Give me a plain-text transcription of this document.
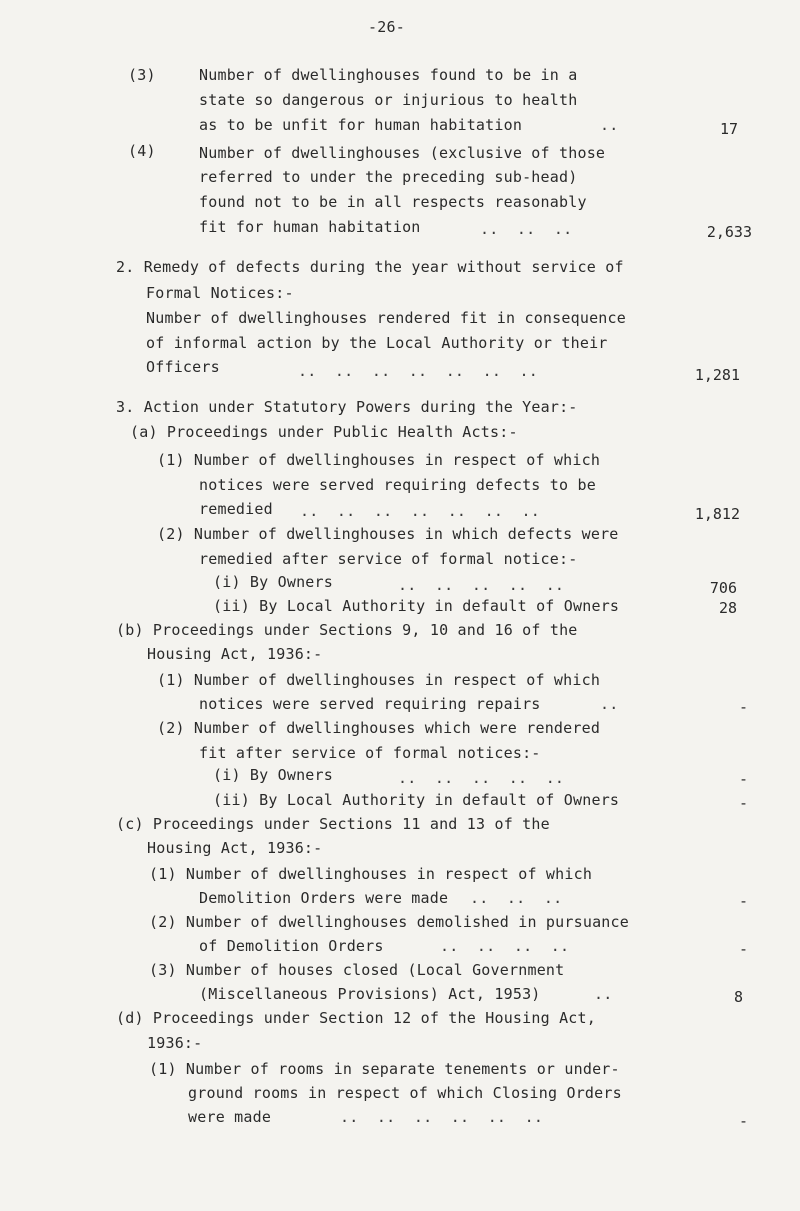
-26-
(3)	Number of dwellinghouses found to be in a
state so dangerous or injurious to health
as to be unfit for human habitation	..	17
(4)	Number of dwellinghouses (exclusive of those
referred to under the preceding sub-head)
found not to be in all respects reasonably
fit for human habitation	..  ..  ..	2,633
2. Remedy of defects during the year without service of
Formal Notices:-
Number of dwellinghouses rendered fit in consequence
of informal action by the Local Authority or their
Officers	..  ..  ..  ..  ..  ..  ..	1,281
3. Action under Statutory Powers during the Year:-
(a) Proceedings under Public Health Acts:-
(1) Number of dwellinghouses in respect of which
notices were served requiring defects to be
remedied ..  ..  ..  ..  ..  ..  ..	1,812
(2) Number of dwellinghouses in which defects were
remedied after service of formal notice:-
(i) By Owners	..  ..  ..  ..  ..	706
(ii) By Local Authority in default of Owners	28
(b) Proceedings under Sections 9, 10 and 16 of the
Housing Act, 1936:-
(1) Number of dwellinghouses in respect of which
notices were served requiring repairs	..	-
(2) Number of dwellinghouses which were rendered
fit after service of formal notices:-
(i) By Owners	..  ..  ..  ..  ..	-
(ii) By Local Authority in default of Owners	-
(c) Proceedings under Sections 11 and 13 of the
Housing Act, 1936:-
(1) Number of dwellinghouses in respect of which
Demolition Orders were made ..  ..  ..	-
(2) Number of dwellinghouses demolished in pursuance
of Demolition Orders	..  ..  ..  ..	-
(3) Number of houses closed (Local Government
(Miscellaneous Provisions) Act, 1953)	..	8
(d) Proceedings under Section 12 of the Housing Act,
1936:-
(1) Number of rooms in separate tenements or under-
ground rooms in respect of which Closing Orders
were made	..  ..  ..  ..  ..  ..	-
